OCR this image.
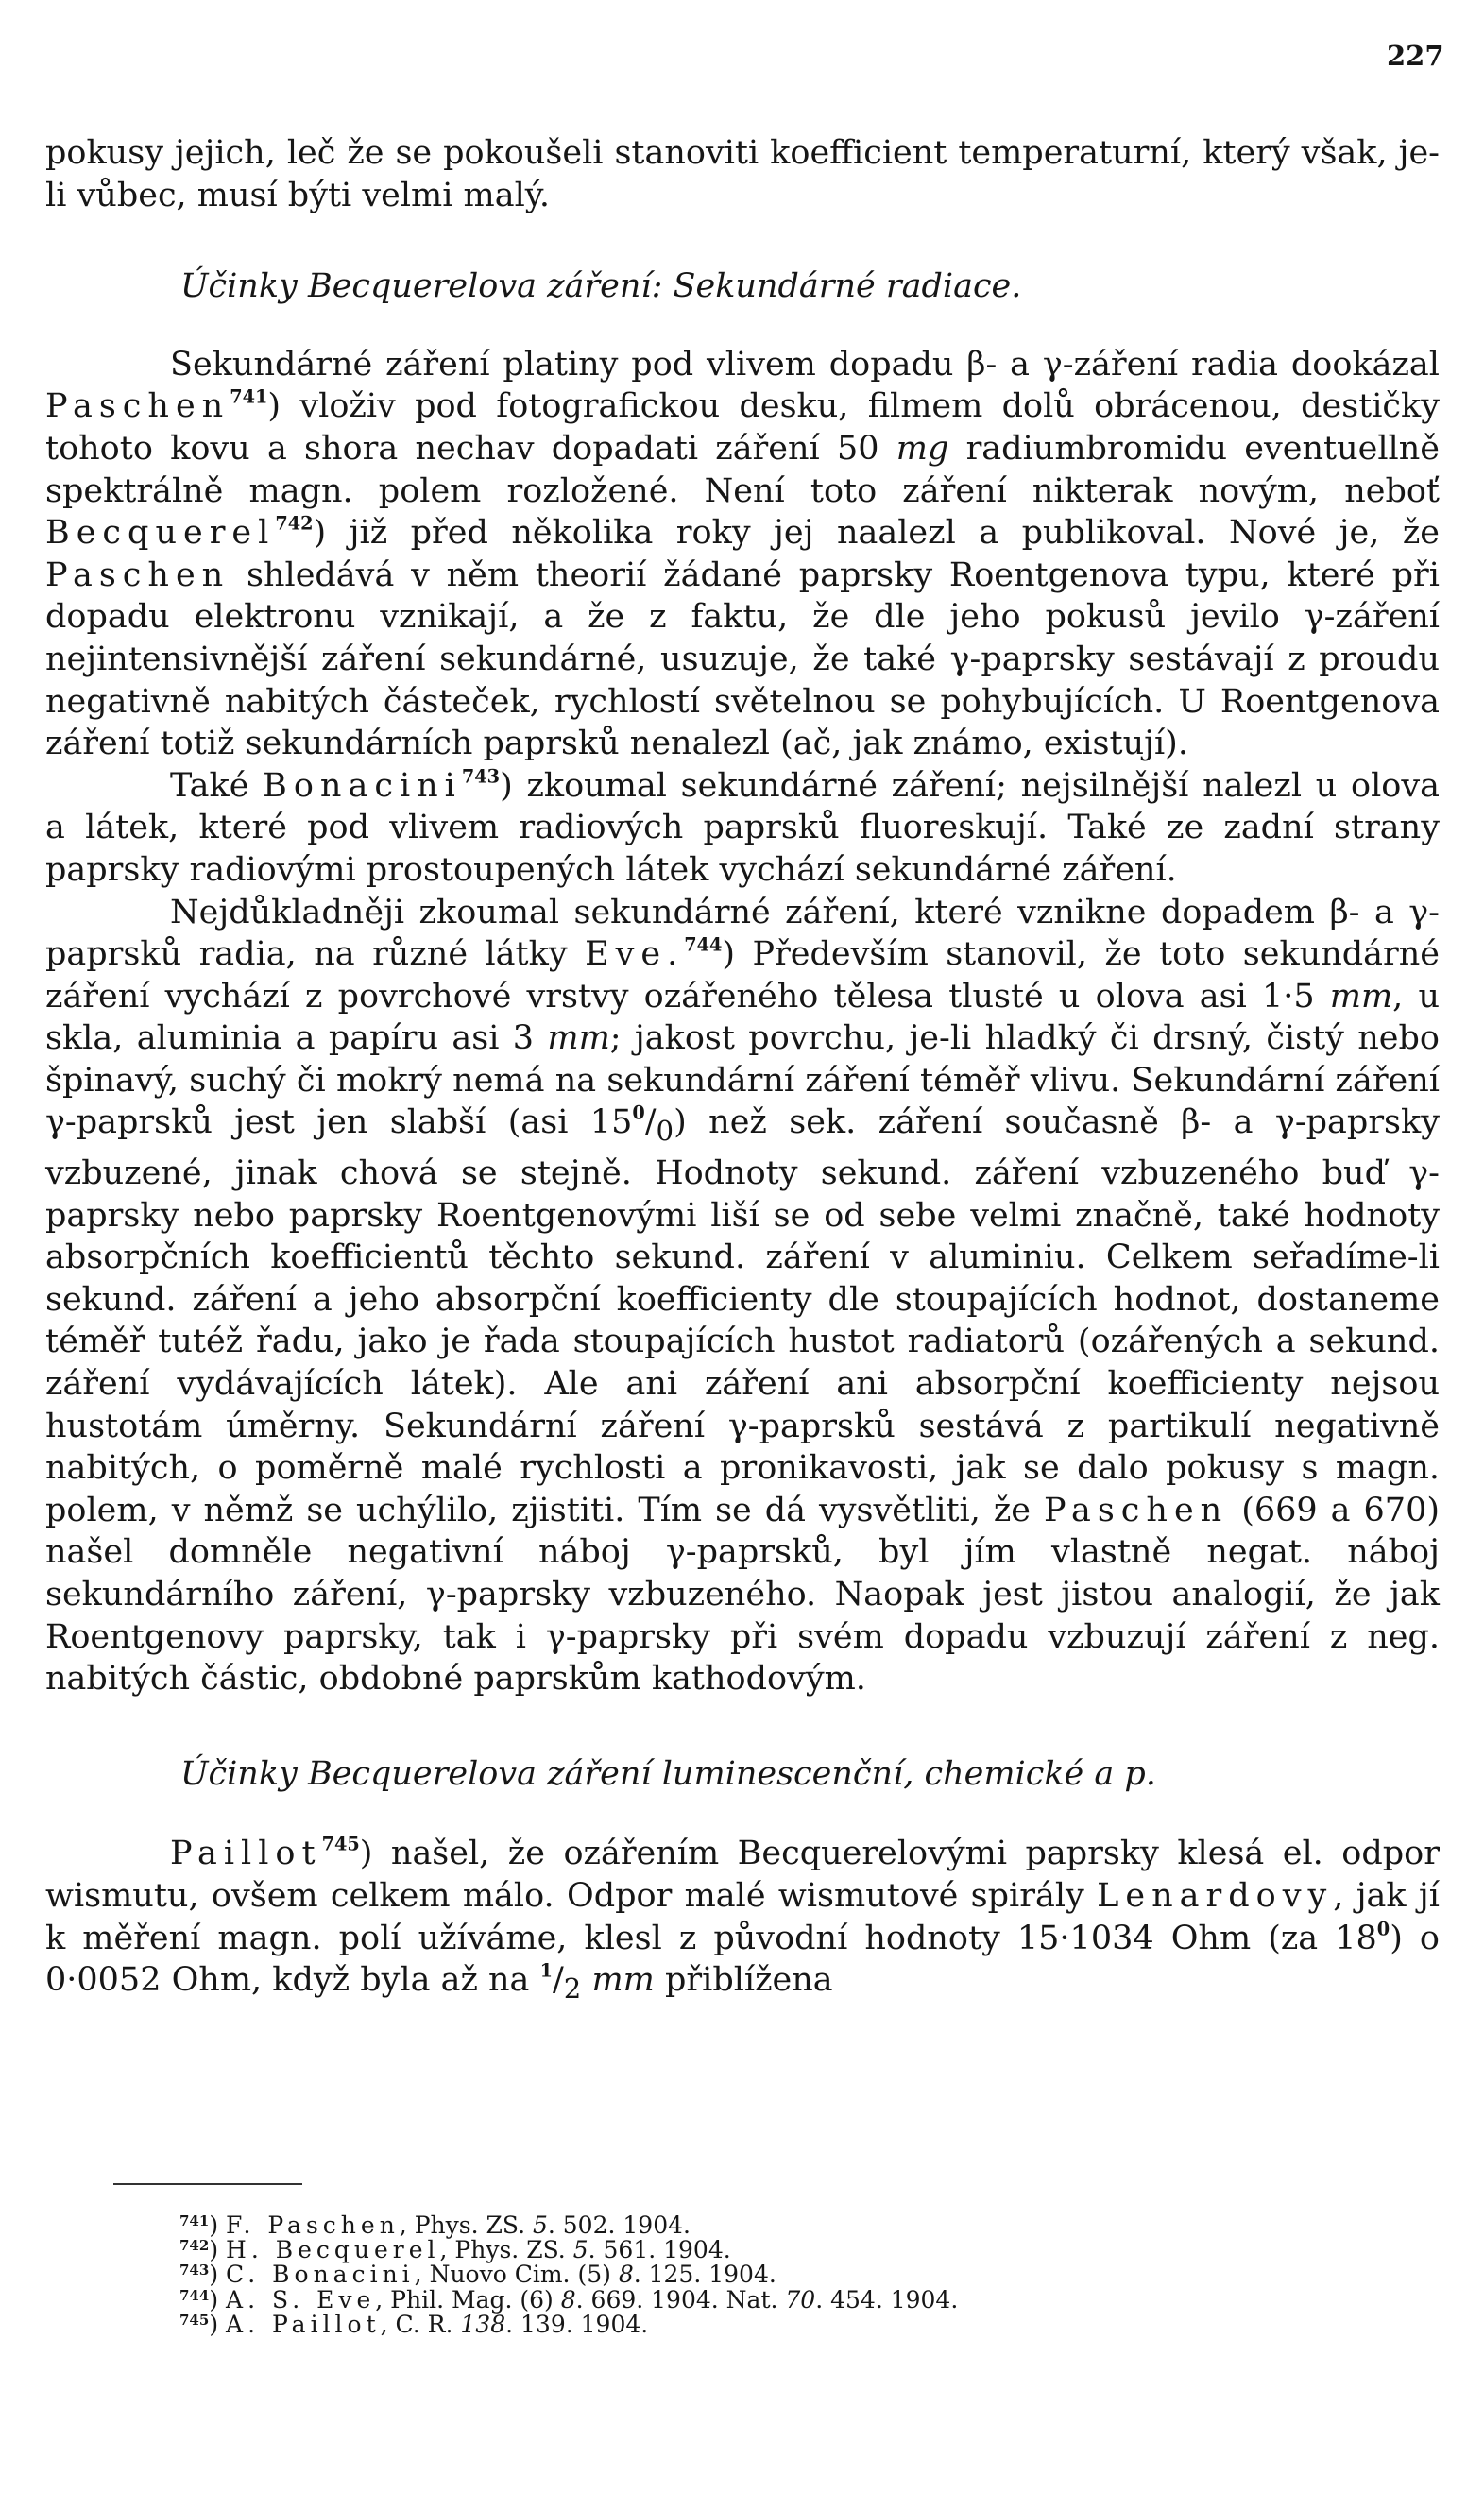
227

pokusy jejich, leč že se pokoušeli stanoviti koefficient temperaturní, který však, je-li vůbec, musí býti velmi malý.

Účinky Becquerelova záření: Sekundárné radiace.

Sekundárné záření platiny pod vlivem dopadu β- a γ-záření radia dookázal Paschen$^{741}$) vloživ pod fotografickou desku, filmem dolů obrácenou, destičky tohoto kovu a shora nechav dopadati záření 50 mg radiumbromidu eventuellně spektrálně magn. polem rozložené. Není toto záření nikterak novým, neboť Becquerel$^{742}$) již před několika roky jej naalezl a publikoval. Nové je, že Paschen shledává v něm theorií žádané paprsky Roentgenova typu, které při dopadu elektronu vznikají, a že z faktu, že dle jeho pokusů jevilo γ-záření nejintensivnější záření sekundárné, usuzuje, že také γ-paprsky sestávají z proudu negativně nabitých částeček, rychlostí světelnou se pohybujících. U Roentgenova záření totiž sekundárních paprsků nenalezl (ač, jak známo, existují).

Také Bonacini$^{743}$) zkoumal sekundárné záření; nejsilnější nalezl u olova a látek, které pod vlivem radiových paprsků fluoreskují. Také ze zadní strany paprsky radiovými prostoupených látek vychází sekundárné záření.

Nejdůkladněji zkoumal sekundárné záření, které vznikne dopadem β- a γ-paprsků radia, na různé látky Eve.$^{744}$) Především stanovil, že toto sekundárné záření vychází z povrchové vrstvy ozářeného tělesa tlusté u olova asi 1·5 mm, u skla, aluminia a papíru asi 3 mm; jakost povrchu, je-li hladký či drsný, čistý nebo špinavý, suchý či mokrý nemá na sekundární záření téměř vlivu. Sekundární záření γ-paprsků jest jen slabší (asi $15^0/_0$) než sek. záření současně β- a γ-paprsky vzbuzené, jinak chová se stejně. Hodnoty sekund. záření vzbuzeného buď γ-paprsky nebo paprsky Roentgenovými liší se od sebe velmi značně, také hodnoty absorpčních koefficientů těchto sekund. záření v aluminiu. Celkem seřadíme-li sekund. záření a jeho absorpční koefficienty dle stoupajících hodnot, dostaneme téměř tutéž řadu, jako je řada stoupajících hustot radiatorů (ozářených a sekund. záření vydávajících látek). Ale ani záření ani absorpční koefficienty nejsou hustotám úměrny. Sekundární záření γ-paprsků sestává z partikulí negativně nabitých, o poměrně malé rychlosti a pronikavosti, jak se dalo pokusy s magn. polem, v němž se uchýlilo, zjistiti. Tím se dá vysvětliti, že Paschen (669 a 670) našel domněle negativní náboj γ-paprsků, byl jím vlastně negat. náboj sekundárního záření, γ-paprsky vzbuzeného. Naopak jest jistou analogií, že jak Roentgenovy paprsky, tak i γ-paprsky při svém dopadu vzbuzují záření z neg. nabitých částic, obdobné paprskům kathodovým.

Účinky Becquerelova záření luminescenční, chemické a p.

Paillot$^{745}$) našel, že ozářením Becquerelovými paprsky klesá el. odpor wismutu, ovšem celkem málo. Odpor malé wismutové spirály Lenardovy, jak jí k měření magn. polí užíváme, klesl z původní hodnoty 15·1034 Ohm (za $18^0$) o 0·0052 Ohm, když byla až na $^1/_2$ mm přiblížena

$^{741}$) F. Paschen, Phys. ZS. 5. 502. 1904.
$^{742}$) H. Becquerel, Phys. ZS. 5. 561. 1904.
$^{743}$) C. Bonacini, Nuovo Cim. (5) 8. 125. 1904.
$^{744}$) A. S. Eve, Phil. Mag. (6) 8. 669. 1904. Nat. 70. 454. 1904.
$^{745}$) A. Paillot, C. R. 138. 139. 1904.
